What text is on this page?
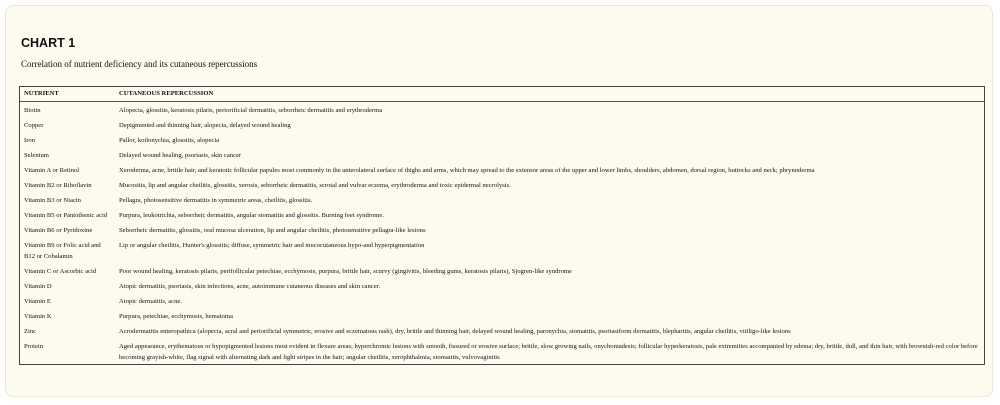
CHART 1

Correlation of nutrient deficiency and its cutaneous repercussions

NUTRIENT	CUTANEOUS REPERCUSSION
Biotin	Alopecia, glossitis, keratosis pilaris, periorificial dermatitis, seborrheic dermatitis and erythroderma
Copper	Depigmented and thinning hair, alopecia, delayed wound healing
Iron	Pallor, koilonychia, glossitis, alopecia
Selenium	Delayed wound healing, psoriasis, skin cancer
Vitamin A or Retinol	Xeroderma, acne, brittle hair, and keratotic follicular papules most commonly in the anterolateral surface of thighs and arms, which may spread to the extensor areas of the upper and lower limbs, shoulders, abdomen, dorsal region, buttocks and neck; phrynoderma
Vitamin B2 or Riboflavin	Mucositis, lip and angular cheilitis, glossitis, xerosis, seborrheic dermatitis, scrotal and vulvar eczema, erythroderma and toxic epidermal necrolysis.
Vitamin B3 or Niacin	Pellagra, photosensitive dermatitis in symmetric areas, cheilitis, glossitis.
Vitamin B5 or Pantothenic acid	Purpura, leukotrichia, seborrheic dermatitis, angular stomatitis and glossitis. Burning feet syndrome.
Vitamin B6 or Pyridoxine	Seborrheic dermatitis, glossitis, oral mucosa ulceration, lip and angular cheilitis, photosensitive pellagra-like lesions
Vitamin B9 or Folic acid and B12 or Cobalamin	Lip or angular cheilitis, Hunter's glossitis; diffuse, symmetric hair and mucocutaneous hypo-and hyperpigmentation
Vitamin C or Ascorbic acid	Poor wound healing, keratosis pilaris, perifollicular petechiae, ecchymosis, purpura, brittle hair, scurvy (gingivitis, bleeding gums, keratosis pilaris), Sjogren-like syndrome
Vitamin D	Atopic dermatitis, psoriasis, skin infections, acne, autoimmune cutaneous diseases and skin cancer.
Vitamin E	Atopic dermatitis, acne.
Vitamin K	Purpura, petechiae, ecchymosis, hematoma
Zinc	Acrodermatitis enteropathica (alopecia, acral and periorificial symmetric, erosive and eczematous rash), dry, brittle and thinning hair, delayed wound healing, paronychia, stomatitis, psoriasiform dermatitis, blepharitis, angular cheilitis, vitiligo-like lesions
Protein	Aged appearance, erythematous or hypopigmented lesions most evident in flexure areas; hyperchromic lesions with smooth, fissured or erosive surface; brittle, slow growing nails, onychomadesis; follicular hyperkeratosis, pale extremities accompanied by edema; dry, brittle, dull, and thin hair, with brownish-red color before becoming grayish-white, flag signal with alternating dark and light stripes in the hair; angular cheilitis, xerophthalmia, stomatitis, vulvovaginitis
